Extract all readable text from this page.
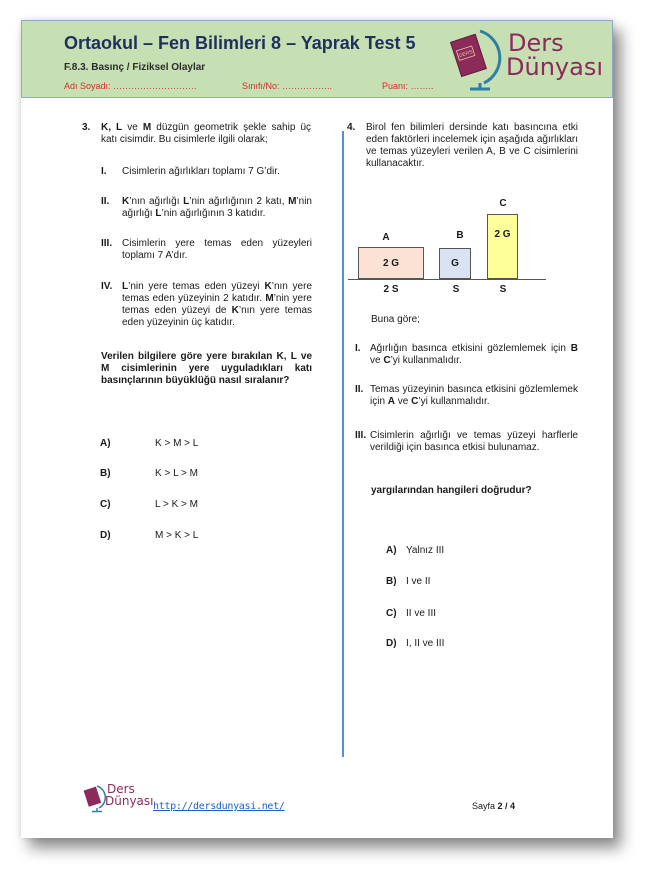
Ortaokul – Fen Bilimleri 8 – Yaprak Test 5
F.8.3. Basınç / Fiziksel Olaylar
Adı Soyadı: ……………………….	Sınıfı/No: ……………..	Puanı: ……..
DERS Ders
Dünyası
3. K, L ve M düzgün geometrik şekle sahip üç katı cisimdir. Bu cisimlerle ilgili olarak;
I. Cisimlerin ağırlıkları toplamı 7 G’dir.
II. K’nın ağırlığı L’nin ağırlığının 2 katı, M’nin ağırlığı L’nin ağırlığının 3 katıdır.
III. Cisimlerin yere temas eden yüzeyleri toplamı 7 A’dır.
IV. L’nin yere temas eden yüzeyi K’nın yere temas eden yüzeyinin 2 katıdır. M’nin yere temas eden yüzeyi de K’nın yere temas eden yüzeyinin üç katıdır.
Verilen bilgilere göre yere bırakılan K, L ve M cisimlerinin yere uyguladıkları katı basınçlarının büyüklüğü nasıl sıralanır?
A)	K > M > L
B)	K > L > M
C)	L > K > M
D)	M > K > L
4. Birol fen bilimleri dersinde katı basıncına etki eden faktörleri incelemek için aşağıda ağırlıkları ve temas yüzeyleri verilen A, B ve C cisimlerini kullanacaktır.
A
2 G
B
G
C
2 G
2 S	S	S
Buna göre;
I. Ağırlığın basınca etkisini gözlemlemek için B ve C’yi kullanmalıdır.
II. Temas yüzeyinin basınca etkisini gözlemlemek için A ve C’yi kullanmalıdır.
III. Cisimlerin ağırlığı ve temas yüzeyi harflerle verildiği için basınca etkisi bulunamaz.
yargılarından hangileri doğrudur?
A) Yalnız III
B) I ve II
C) II ve III
D) I, II ve III
Ders
Dünyası http://dersdunyasi.net/	Sayfa 2 / 4
